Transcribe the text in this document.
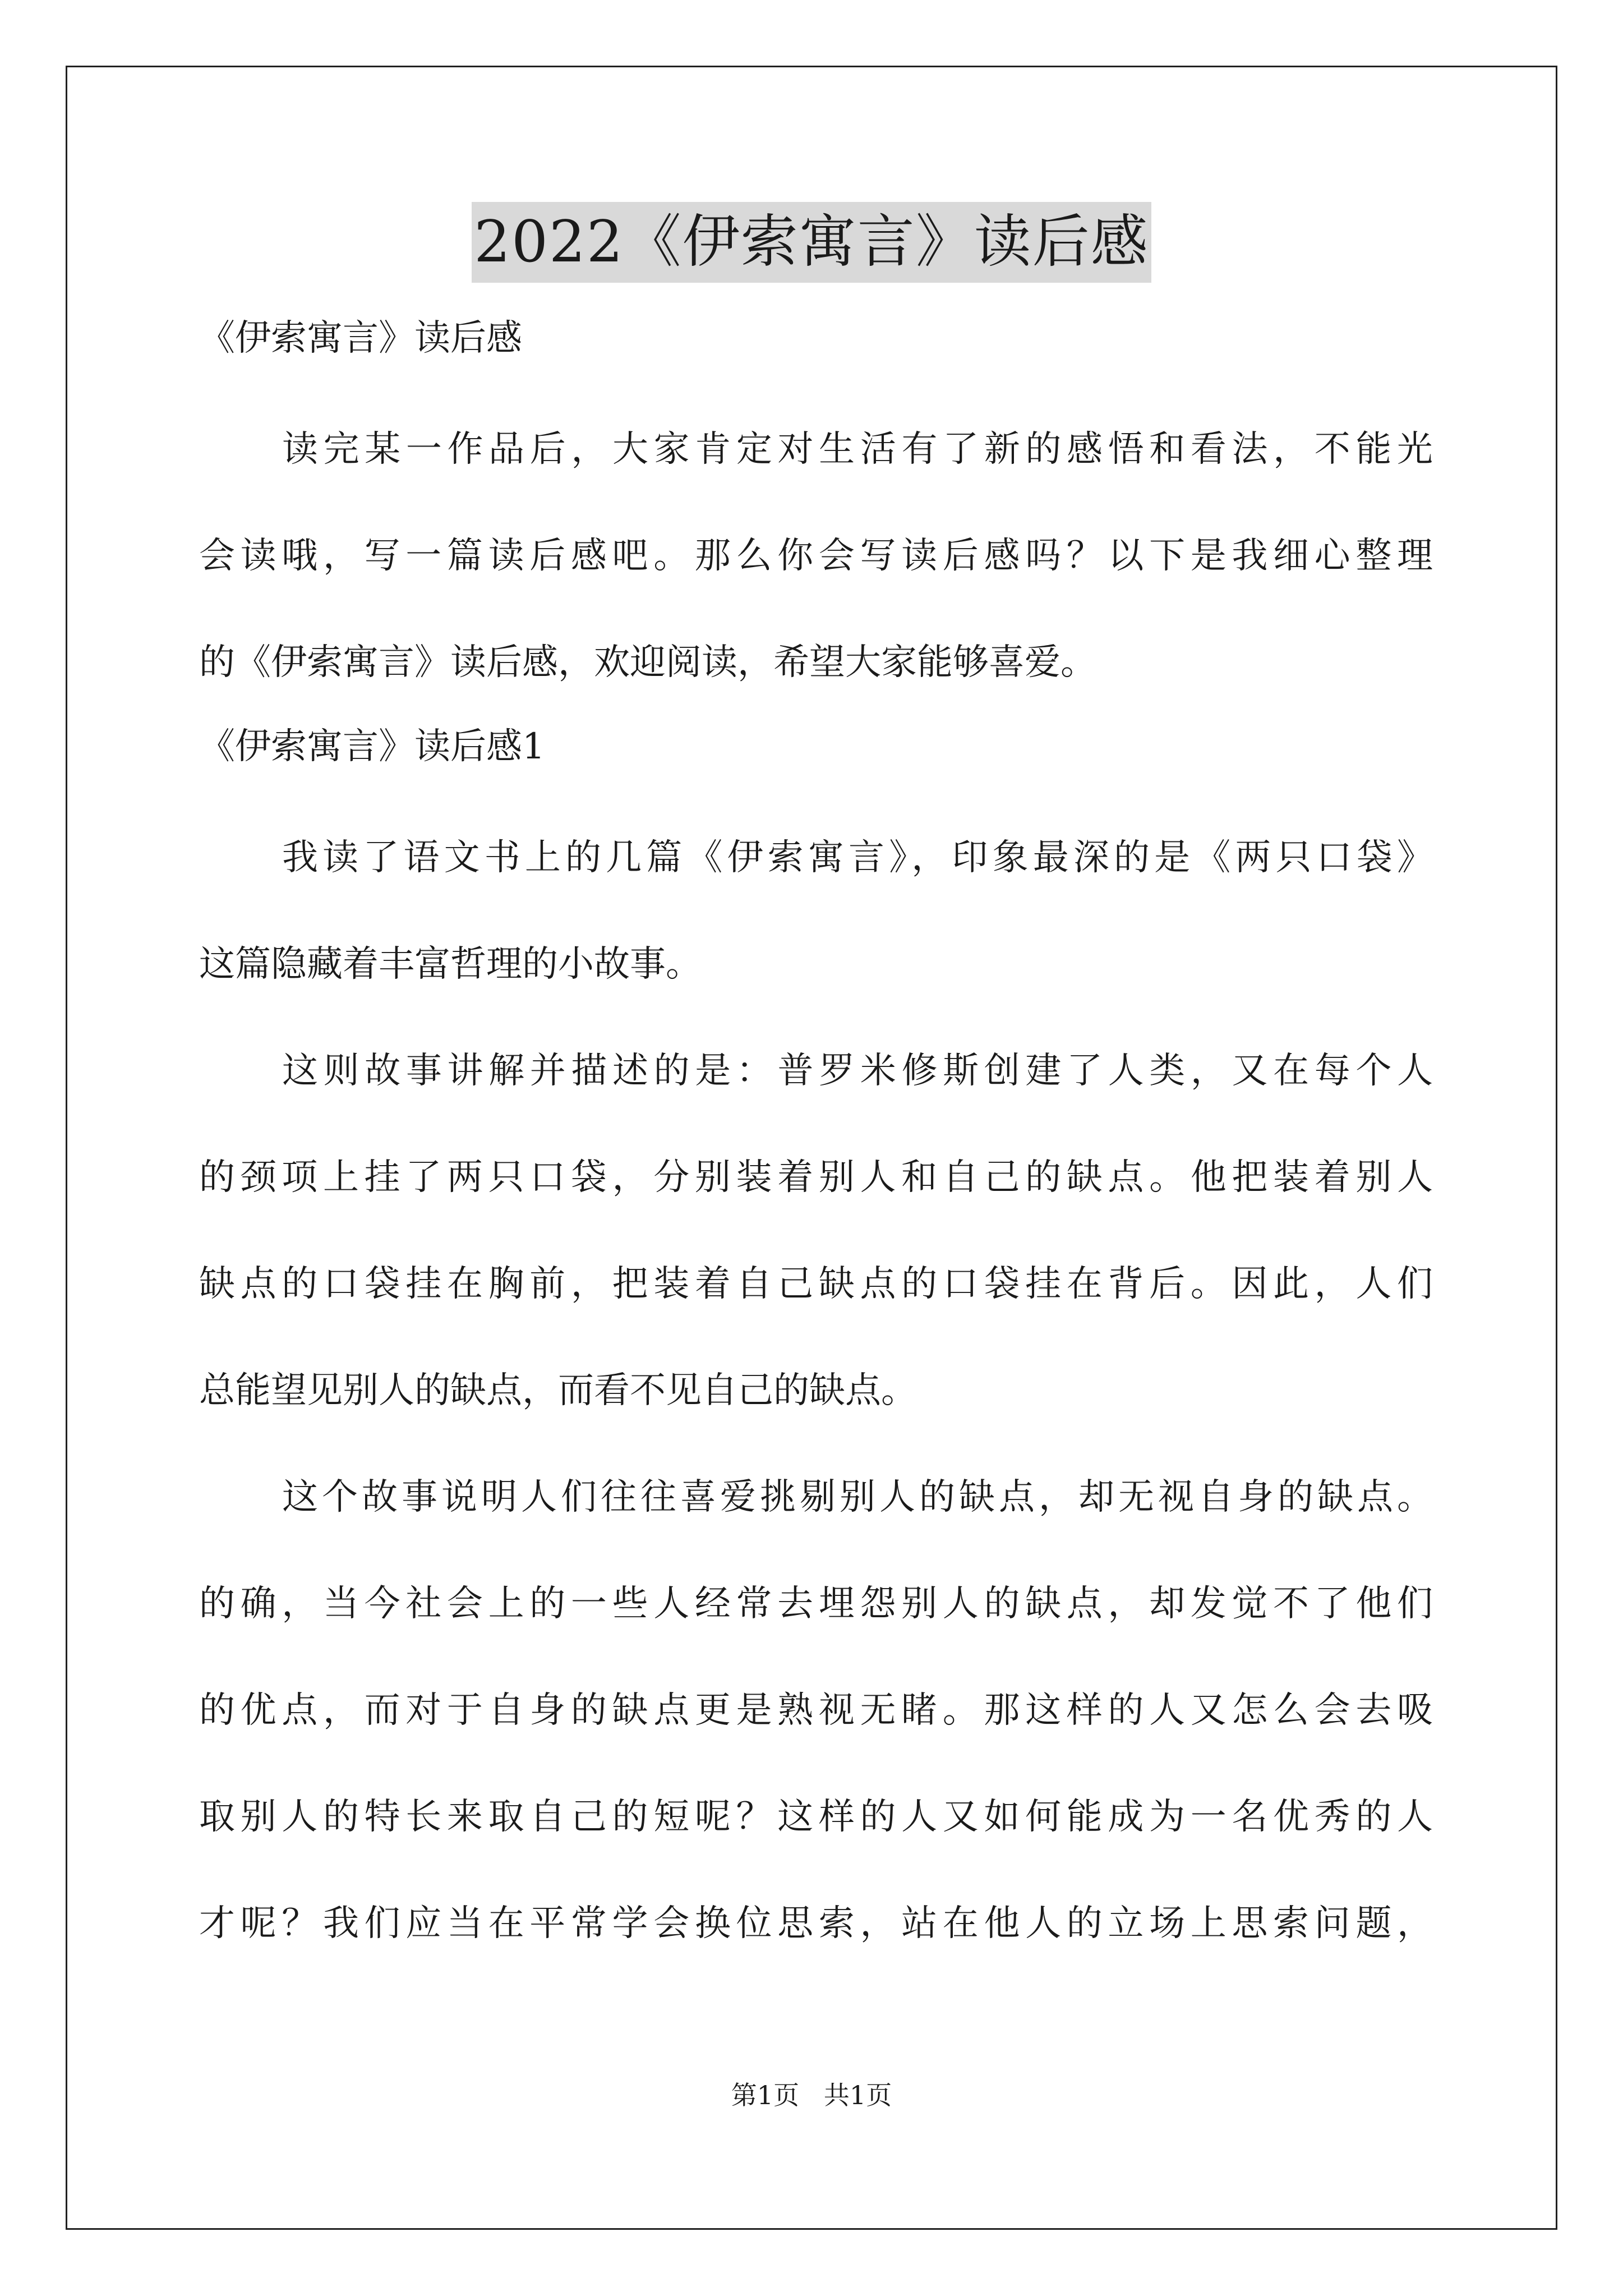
2022《伊索寓言》读后感
《伊索寓言》读后感
读完某一作品后，大家肯定对生活有了新的感悟和看法，不能光
会读哦，写一篇读后感吧。那么你会写读后感吗？以下是我细心整理
的《伊索寓言》读后感，欢迎阅读，希望大家能够喜爱。
《伊索寓言》读后感1
我读了语文书上的几篇《伊索寓言》，印象最深的是《两只口袋》
这篇隐藏着丰富哲理的小故事。
这则故事讲解并描述的是：普罗米修斯创建了人类，又在每个人
的颈项上挂了两只口袋，分别装着别人和自己的缺点。他把装着别人
缺点的口袋挂在胸前，把装着自己缺点的口袋挂在背后。因此，人们
总能望见别人的缺点，而看不见自己的缺点。
这个故事说明人们往往喜爱挑剔别人的缺点，却无视自身的缺点。
的确，当今社会上的一些人经常去埋怨别人的缺点，却发觉不了他们
的优点，而对于自身的缺点更是熟视无睹。那这样的人又怎么会去吸
取别人的特长来取自己的短呢？这样的人又如何能成为一名优秀的人
才呢？我们应当在平常学会换位思索，站在他人的立场上思索问题，
第1页   共1页
